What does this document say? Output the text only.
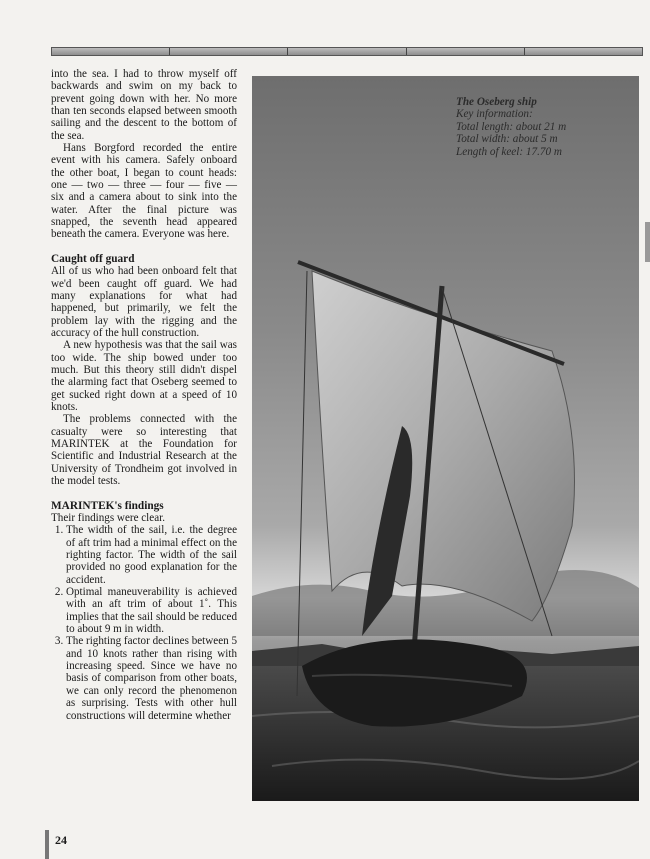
into the sea. I had to throw myself off backwards and swim on my back to prevent going down with her. No more than ten seconds elapsed between smooth sailing and the descent to the bottom of the sea.

Hans Borgford recorded the entire event with his camera. Safely onboard the other boat, I began to count heads: one — two — three — four — five — six and a camera about to sink into the water. After the final picture was snapped, the seventh head appeared beneath the camera. Everyone was here.

Caught off guard

All of us who had been onboard felt that we'd been caught off guard. We had many explanations for what had happened, but primarily, we felt the problem lay with the rigging and the accuracy of the hull construction.

A new hypothesis was that the sail was too wide. The ship bowed under too much. But this theory still didn't dispel the alarming fact that Oseberg seemed to get sucked right down at a speed of 10 knots.

The problems connected with the casualty were so interesting that MARINTEK at the Foundation for Scientific and Industrial Research at the University of Trondheim got involved in the model tests.

MARINTEK's findings

Their findings were clear.

1. The width of the sail, i.e. the degree of aft trim had a minimal effect on the righting factor. The width of the sail provided no good explanation for the accident.
2. Optimal maneuverability is achieved with an aft trim of about 1˚. This implies that the sail should be reduced to about 9 m in width.
3. The righting factor declines between 5 and 10 knots rather than rising with increasing speed. Since we have no basis of comparison from other boats, we can only record the phenomenon as surprising. Tests with other hull constructions will determine whether
The Oseberg ship
Key information:
Total length: about 21 m
Total width: about 5 m
Length of keel: 17.70 m
24
